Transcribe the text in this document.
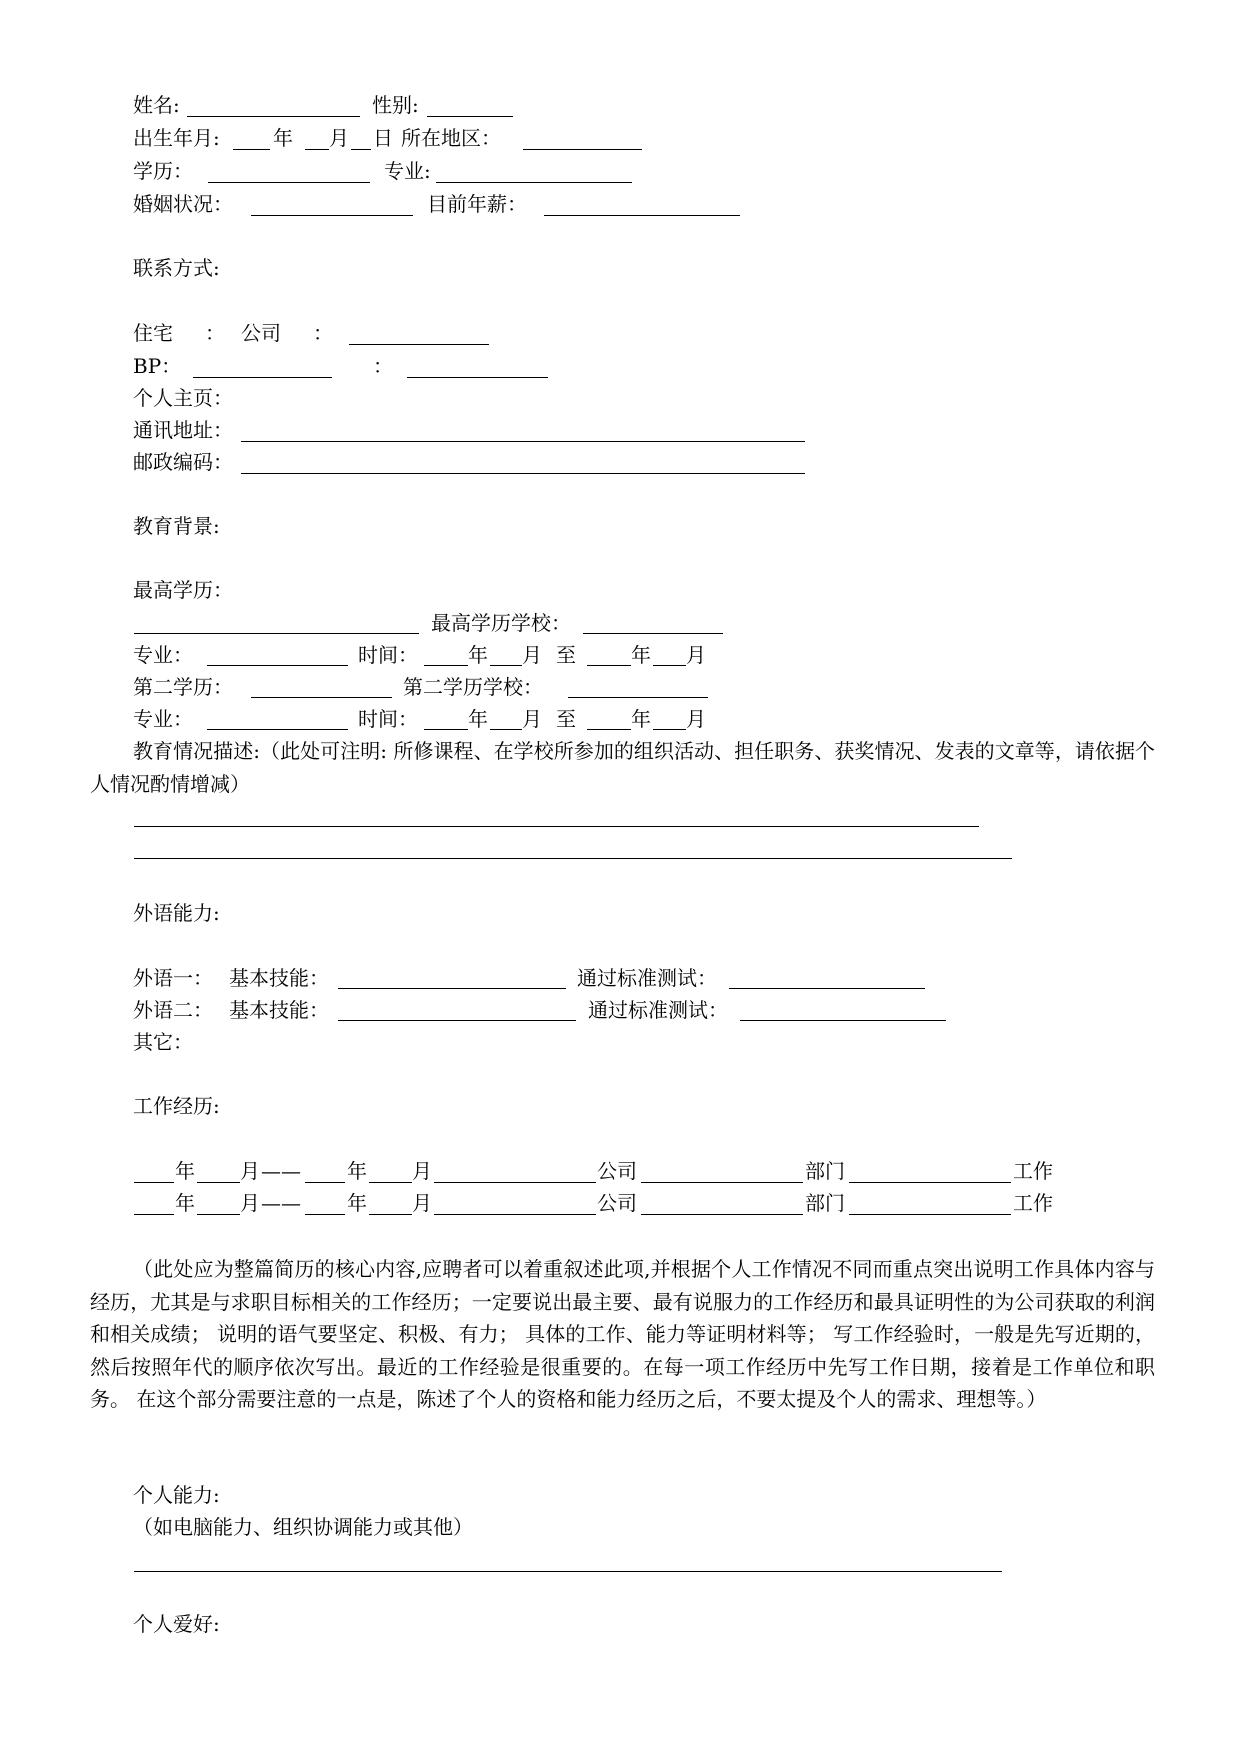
姓名:	性别:
出生年月:	年 月 日 所在地区：
学历：	专业:
婚姻状况：	目前年薪：
联系方式:
住宅 ： 公司 ：
BP：	：
个人主页：
通讯地址：
邮政编码：
教育背景:
最高学历：
最高学历学校：
专业：	时间：	年 月 至	年 月
第二学历：	第二学历学校：
专业：	时间：	年 月 至	年 月
教育情况描述:（此处可注明: 所修课程、在学校所参加的组织活动、担任职务、获奖情况、发表的文章等，请依据个人情况酌情增减）
外语能力:
外语一： 基本技能：	通过标准测试：
外语二： 基本技能：	通过标准测试：
其它：
工作经历:
年 月 —— 年 月	公司	部门	工作
年 月 —— 年 月	公司	部门	工作
（此处应为整篇简历的核心内容,应聘者可以着重叙述此项,并根据个人工作情况不同而重点突出说明工作具体内容与经历，尤其是与求职目标相关的工作经历；一定要说出最主要、最有说服力的工作经历和最具证明性的为公司获取的利润和相关成绩； 说明的语气要坚定、积极、有力； 具体的工作、能力等证明材料等； 写工作经验时，一般是先写近期的，然后按照年代的顺序依次写出。最近的工作经验是很重要的。在每一项工作经历中先写工作日期，接着是工作单位和职务。 在这个部分需要注意的一点是，陈述了个人的资格和能力经历之后，不要太提及个人的需求、理想等。）
个人能力:
（如电脑能力、组织协调能力或其他）
个人爱好:
